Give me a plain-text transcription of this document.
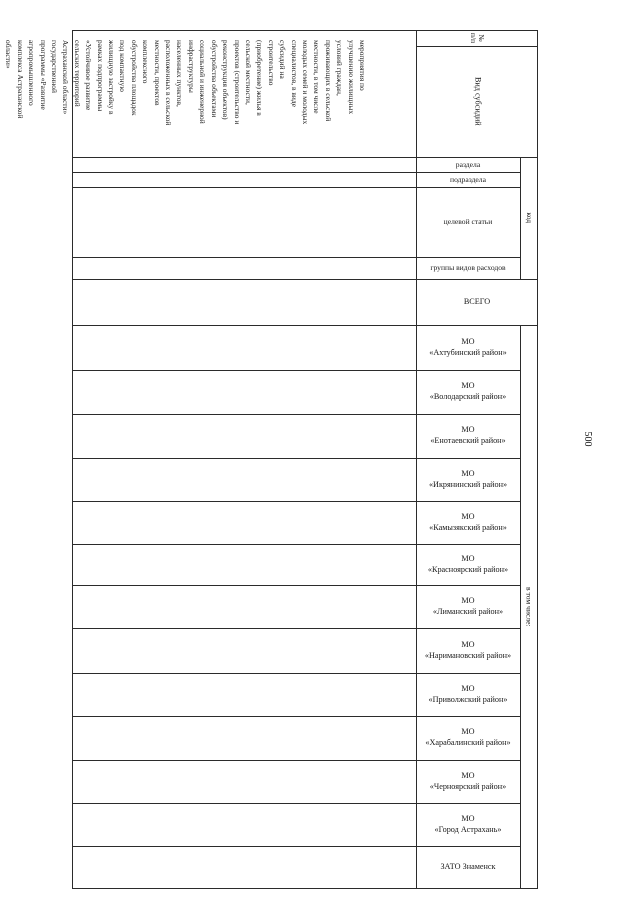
№
п/п
Вид субсидий
код
раздела
подраздела
целевой статьи
группы видов расходов
ВСЕГО
в том числе:

мероприятия по

улучшению жилищных

условий граждан,

проживающих в сельской

местности, в том числе

молодых семей и молодых

специалистов, в виде

субсидий на

строительство

(приобретение) жилья в

сельской местности,

проектов (строительство и

реконструкция объектов)

обустройства объектами

социальной и инженерной

инфраструктуры

населенных пунктов,

расположенных в сельской

местности, проектов

комплексного

обустройства площадок

под компактную

жилищную застройку в

рамках подпрограммы

«Устойчивое развитие

сельских территорий

Астраханской области»

государственной

программы «Развитие

агропромышленного

комплекса Астраханской

области»

МО
«Ахтубинский район»
МО
«Володарский район»
МО
«Енотаевский район»
МО
«Икрянинский район»
МО
«Камызякский район»
МО
«Красноярский район»
МО
«Лиманский район»
МО
«Наримановский район»
МО
«Приволжский район»
МО
«Харабалинский район»
МО
«Черноярский район»
МО
«Город Астрахань»
ЗАТО Знаменск
500
